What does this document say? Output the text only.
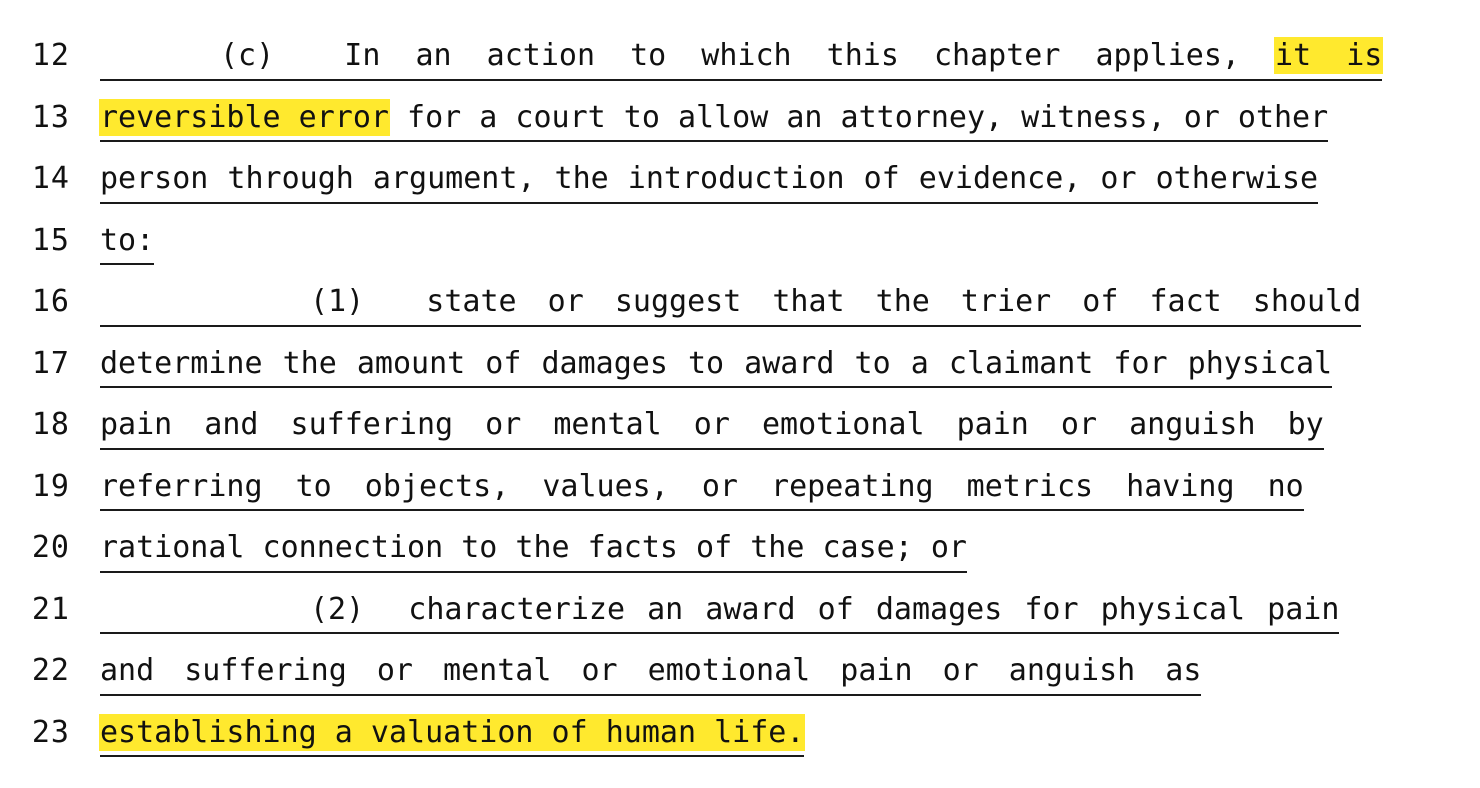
12	(c)  In an action to which this chapter applies, it is
13	reversible error for a court to allow an attorney, witness, or other
14	person through argument, the introduction of evidence, or otherwise
15	to:
16	(1)  state or suggest that the trier of fact should
17	determine the amount of damages to award to a claimant for physical
18	pain and suffering or mental or emotional pain or anguish by
19	referring to objects, values, or repeating metrics having no
20	rational connection to the facts of the case; or
21	(2)  characterize an award of damages for physical pain
22	and suffering or mental or emotional pain or anguish as
23	establishing a valuation of human life.
